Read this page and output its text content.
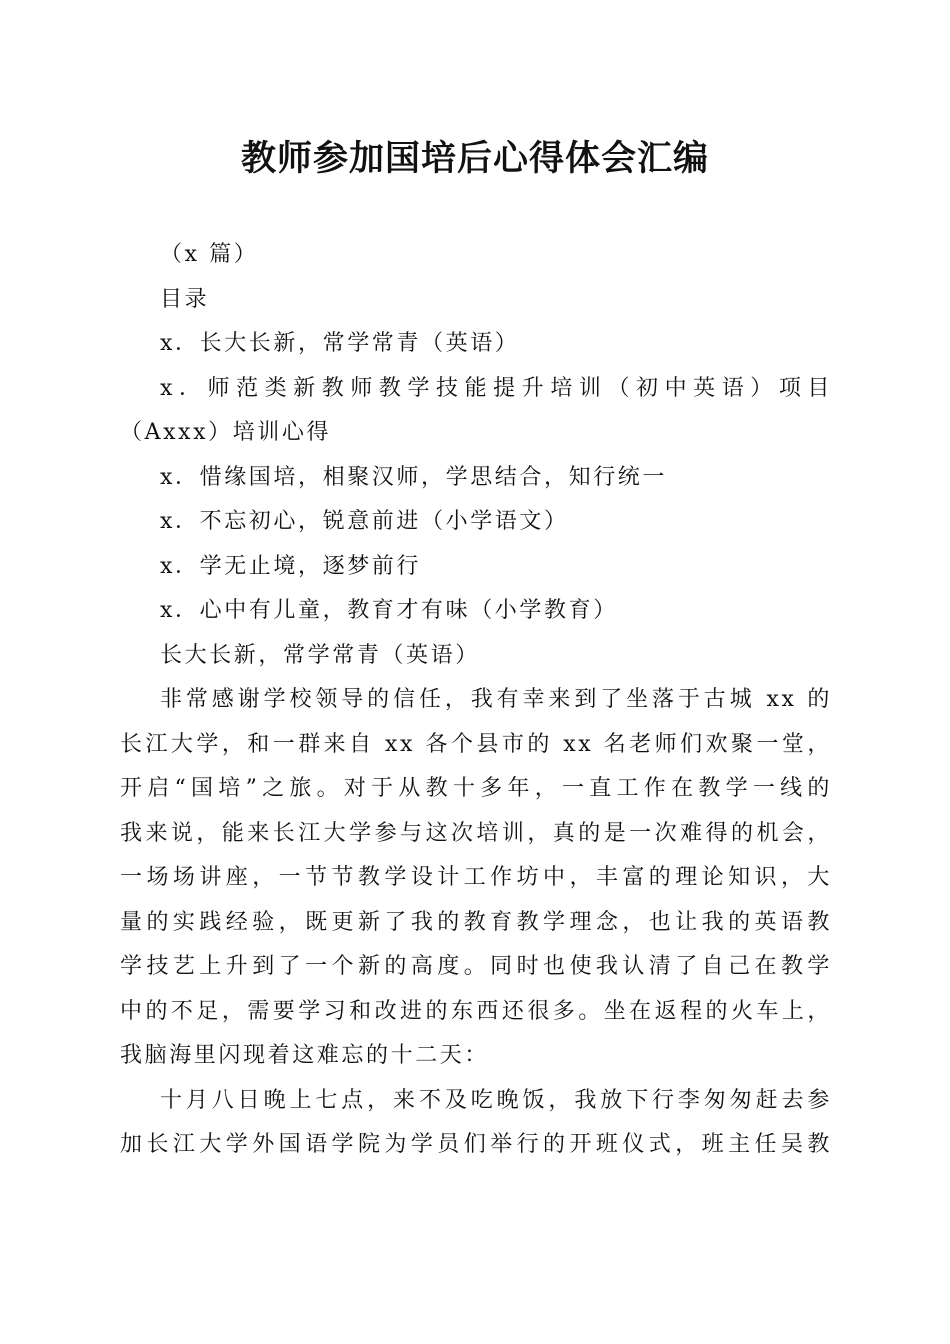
教师参加国培后心得体会汇编
（x 篇）
目录
x．长大长新，常学常青（英语）
x．师范类新教师教学技能提升培训（初中英语）项目
（Axxx）培训心得
x．惜缘国培，相聚汉师，学思结合，知行统一
x．不忘初心，锐意前进（小学语文）
x．学无止境，逐梦前行
x．心中有儿童，教育才有味（小学教育）
长大长新，常学常青（英语）
非常感谢学校领导的信任，我有幸来到了坐落于古城 xx 的
长江大学，和一群来自 xx 各个县市的 xx 名老师们欢聚一堂，
开启“国培”之旅。对于从教十多年，一直工作在教学一线的
我来说，能来长江大学参与这次培训，真的是一次难得的机会，
一场场讲座，一节节教学设计工作坊中，丰富的理论知识，大
量的实践经验，既更新了我的教育教学理念，也让我的英语教
学技艺上升到了一个新的高度。同时也使我认清了自己在教学
中的不足，需要学习和改进的东西还很多。坐在返程的火车上，
我脑海里闪现着这难忘的十二天：
十月八日晚上七点，来不及吃晚饭，我放下行李匆匆赶去参
加长江大学外国语学院为学员们举行的开班仪式，班主任吴教
